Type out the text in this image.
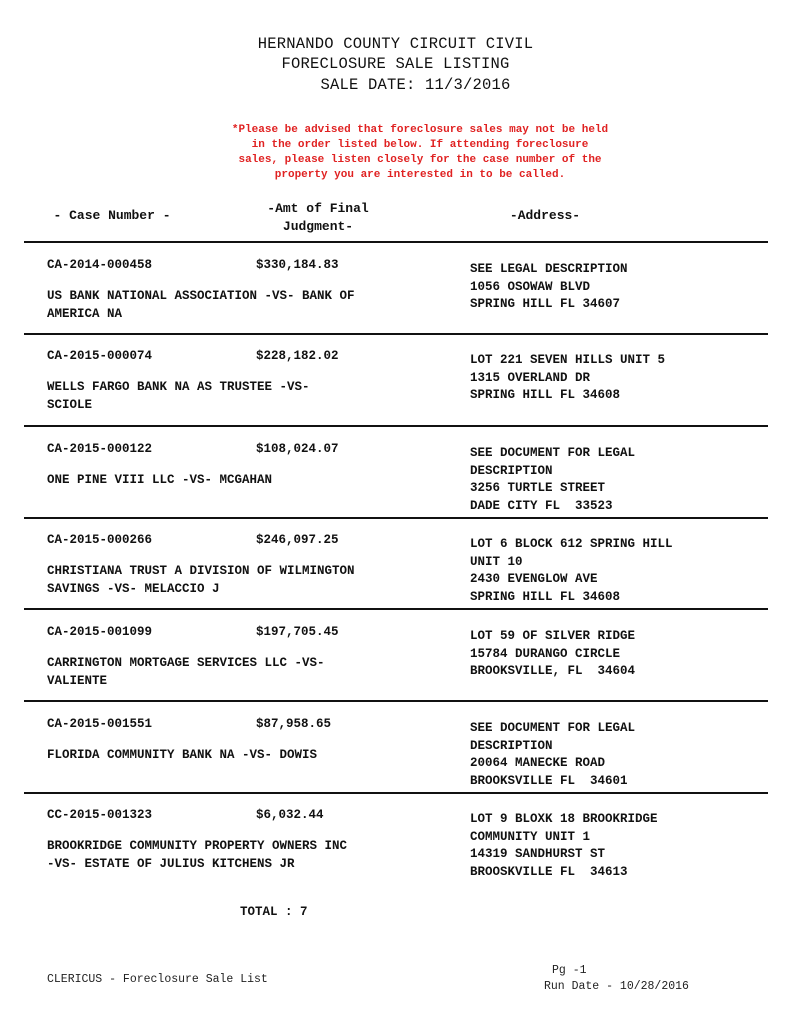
HERNANDO COUNTY CIRCUIT CIVIL
FORECLOSURE SALE LISTING
SALE DATE: 11/3/2016
*Please be advised that foreclosure sales may not be held
in the order listed below. If attending foreclosure
sales, please listen closely for the case number of the
property you are interested in to be called.
- Case Number -	-Amt of Final
Judgment-
-Address-
CA-2014-000458	$330,184.83
US BANK NATIONAL ASSOCIATION -VS- BANK OF
AMERICA NA
SEE LEGAL DESCRIPTION
1056 OSOWAW BLVD
SPRING HILL FL 34607
CA-2015-000074	$228,182.02
WELLS FARGO BANK NA AS TRUSTEE -VS-
SCIOLE
LOT 221 SEVEN HILLS UNIT 5
1315 OVERLAND DR
SPRING HILL FL 34608
CA-2015-000122	$108,024.07
ONE PINE VIII LLC -VS- MCGAHAN
SEE DOCUMENT FOR LEGAL
DESCRIPTION
3256 TURTLE STREET
DADE CITY FL  33523
CA-2015-000266	$246,097.25
CHRISTIANA TRUST A DIVISION OF WILMINGTON
SAVINGS -VS- MELACCIO J
LOT 6 BLOCK 612 SPRING HILL
UNIT 10
2430 EVENGLOW AVE
SPRING HILL FL 34608
CA-2015-001099	$197,705.45
CARRINGTON MORTGAGE SERVICES LLC -VS-
VALIENTE
LOT 59 OF SILVER RIDGE
15784 DURANGO CIRCLE
BROOKSVILLE, FL  34604
CA-2015-001551	$87,958.65
FLORIDA COMMUNITY BANK NA -VS- DOWIS
SEE DOCUMENT FOR LEGAL
DESCRIPTION
20064 MANECKE ROAD
BROOKSVILLE FL  34601
CC-2015-001323	$6,032.44
BROOKRIDGE COMMUNITY PROPERTY OWNERS INC
-VS- ESTATE OF JULIUS KITCHENS JR
LOT 9 BLOXK 18 BROOKRIDGE
COMMUNITY UNIT 1
14319 SANDHURST ST
BROOSKVILLE FL  34613
TOTAL : 7
CLERICUS - Foreclosure Sale List
Pg -1
Run Date - 10/28/2016
